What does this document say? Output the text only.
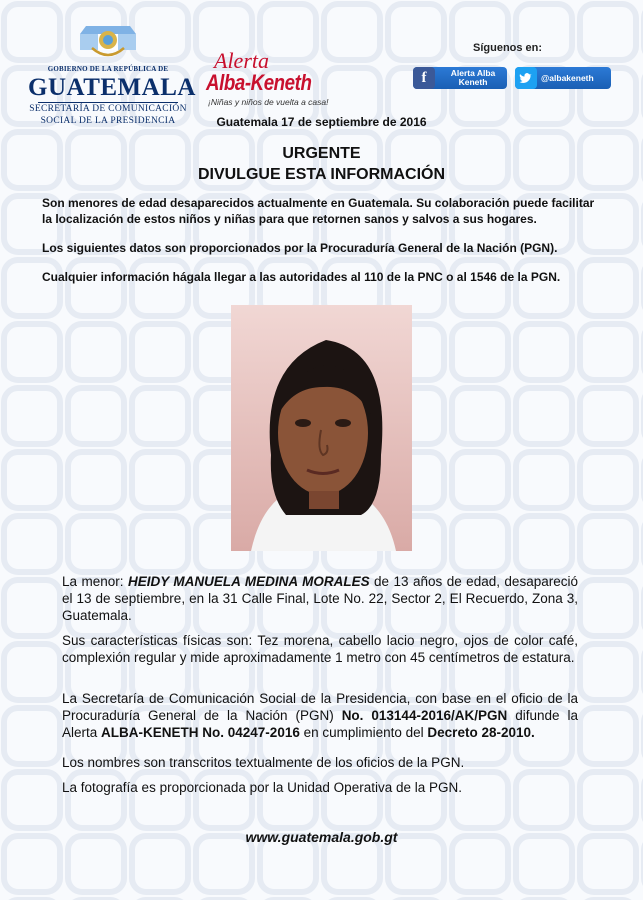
GOBIERNO DE LA REPÚBLICA DE
GUATEMALA
SECRETARÍA DE COMUNICACIÓN
SOCIAL DE LA PRESIDENCIA
Alerta
Alba-Keneth
¡Niñas y niños de vuelta a casa!
Síguenos en:
f	Alerta Alba Keneth	@albakeneth
Guatemala 17 de septiembre de 2016
URGENTE
DIVULGUE ESTA INFORMACIÓN
Son menores de edad desaparecidos actualmente en Guatemala. Su colaboración puede facilitar la localización de estos niños y niñas para que retornen sanos y salvos a sus hogares.
Los siguientes datos son proporcionados por la Procuraduría General de la Nación (PGN).
Cualquier información hágala llegar a las autoridades al 110 de la PNC o al 1546 de la PGN.
La menor: HEIDY MANUELA MEDINA MORALES de 13 años de edad, desapareció el 13 de septiembre, en la 31 Calle Final, Lote No. 22, Sector 2, El Recuerdo, Zona 3, Guatemala.
Sus características físicas son: Tez morena, cabello lacio negro, ojos de color café, complexión regular y mide aproximadamente 1 metro con 45 centímetros de estatura.
La Secretaría de Comunicación Social de la Presidencia, con base en el oficio de la Procuraduría General de la Nación (PGN) No. 013144-2016/AK/PGN difunde la Alerta ALBA-KENETH No. 04247-2016 en cumplimiento del Decreto 28-2010.
Los nombres son transcritos textualmente de los oficios de la PGN.
La fotografía es proporcionada por la Unidad Operativa de la PGN.
www.guatemala.gob.gt
